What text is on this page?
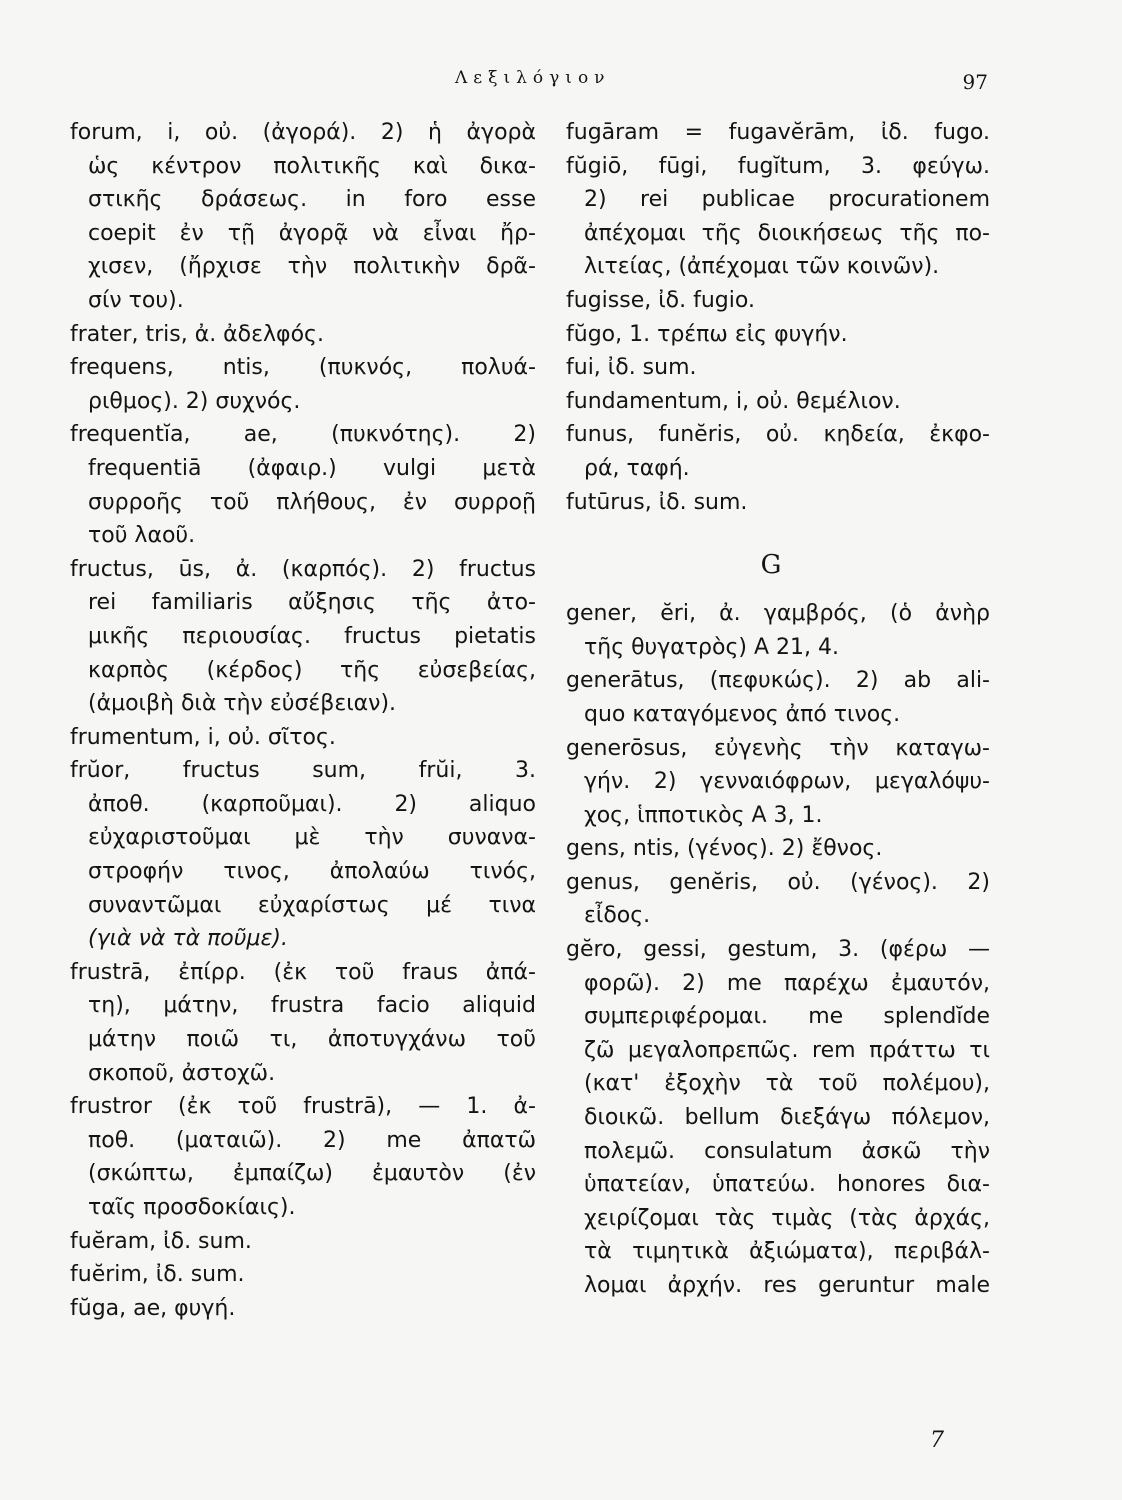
Λεξιλόγιον	97
forum, i, οὐ. (ἀγορά). 2) ἡ ἀγορὰ
ὡς κέντρον πολιτικῆς καὶ δικα-
στικῆς δράσεως. in foro esse
coepit ἐν τῇ ἀγορᾷ νὰ εἶναι ἤρ-
χισεν, (ἤρχισε τὴν πολιτικὴν δρᾶ-
σίν του).
frater, tris, ἀ. ἀδελφός.
frequens, ntis, (πυκνός, πολυά-
ριθμος). 2) συχνός.
frequentĭa, ae, (πυκνότης). 2)
frequentiā (ἀφαιρ.) vulgi μετὰ
συρροῆς τοῦ πλήθους, ἐν συρροῇ
τοῦ λαοῦ.
fructus, ūs, ἀ. (καρπός). 2) fructus
rei familiaris αὔξησις τῆς ἀτο-
μικῆς περιουσίας. fructus pietatis
καρπὸς (κέρδος) τῆς εὐσεβείας,
(ἀμοιβὴ διὰ τὴν εὐσέβειαν).
frumentum, i, οὐ. σῖτος.
frŭor, fructus sum, frŭi, 3.
ἀποθ. (καρποῦμαι). 2) aliquo
εὐχαριστοῦμαι μὲ τὴν συνανα-
στροφήν τινος, ἀπολαύω τινός,
συναντῶμαι εὐχαρίστως μέ τινα
(γιὰ νὰ τὰ ποῦμε).
frustrā, ἐπίρρ. (ἐκ τοῦ fraus ἀπά-
τη), μάτην, frustra facio aliquid
μάτην ποιῶ τι, ἀποτυγχάνω τοῦ
σκοποῦ, ἀστοχῶ.
frustror (ἐκ τοῦ frustrā), — 1. ἀ-
ποθ. (ματαιῶ). 2) me ἀπατῶ
(σκώπτω, ἐμπαίζω) ἐμαυτὸν (ἐν
ταῖς προσδοκίαις).
fuĕram, ἰδ. sum.
fuĕrim, ἰδ. sum.
fŭga, ae, φυγή.
fugāram = fugavĕrām, ἰδ. fugo.
fŭgiō, fūgi, fugĭtum, 3. φεύγω.
2) rei publicae procurationem
ἀπέχομαι τῆς διοικήσεως τῆς πο-
λιτείας, (ἀπέχομαι τῶν κοινῶν).
fugisse, ἰδ. fugio.
fŭgo, 1. τρέπω εἰς φυγήν.
fui, ἰδ. sum.
fundamentum, i, οὐ. θεμέλιον.
funus, funĕris, οὐ. κηδεία, ἐκφο-
ρά, ταφή.
futūrus, ἰδ. sum.
G
gener, ĕri, ἀ. γαμβρός, (ὁ ἀνὴρ
τῆς θυγατρὸς) Α 21, 4.
generātus, (πεφυκώς). 2) ab ali-
quo καταγόμενος ἀπό τινος.
generōsus, εὐγενὴς τὴν καταγω-
γήν. 2) γενναιόφρων, μεγαλόψυ-
χος, ἱπποτικὸς Α 3, 1.
gens, ntis, (γένος). 2) ἔθνος.
genus, genĕris, οὐ. (γένος). 2)
εἶδος.
gĕro, gessi, gestum, 3. (φέρω —
φορῶ). 2) me παρέχω ἐμαυτόν,
συμπεριφέρομαι. me splendĭde
ζῶ μεγαλοπρεπῶς. rem πράττω τι
(κατ' ἐξοχὴν τὰ τοῦ πολέμου),
διοικῶ. bellum διεξάγω πόλεμον,
πολεμῶ. consulatum ἀσκῶ τὴν
ὑπατείαν, ὑπατεύω. honores δια-
χειρίζομαι τὰς τιμὰς (τὰς ἀρχάς,
τὰ τιμητικὰ ἀξιώματα), περιβάλ-
λομαι ἀρχήν. res geruntur male
7
